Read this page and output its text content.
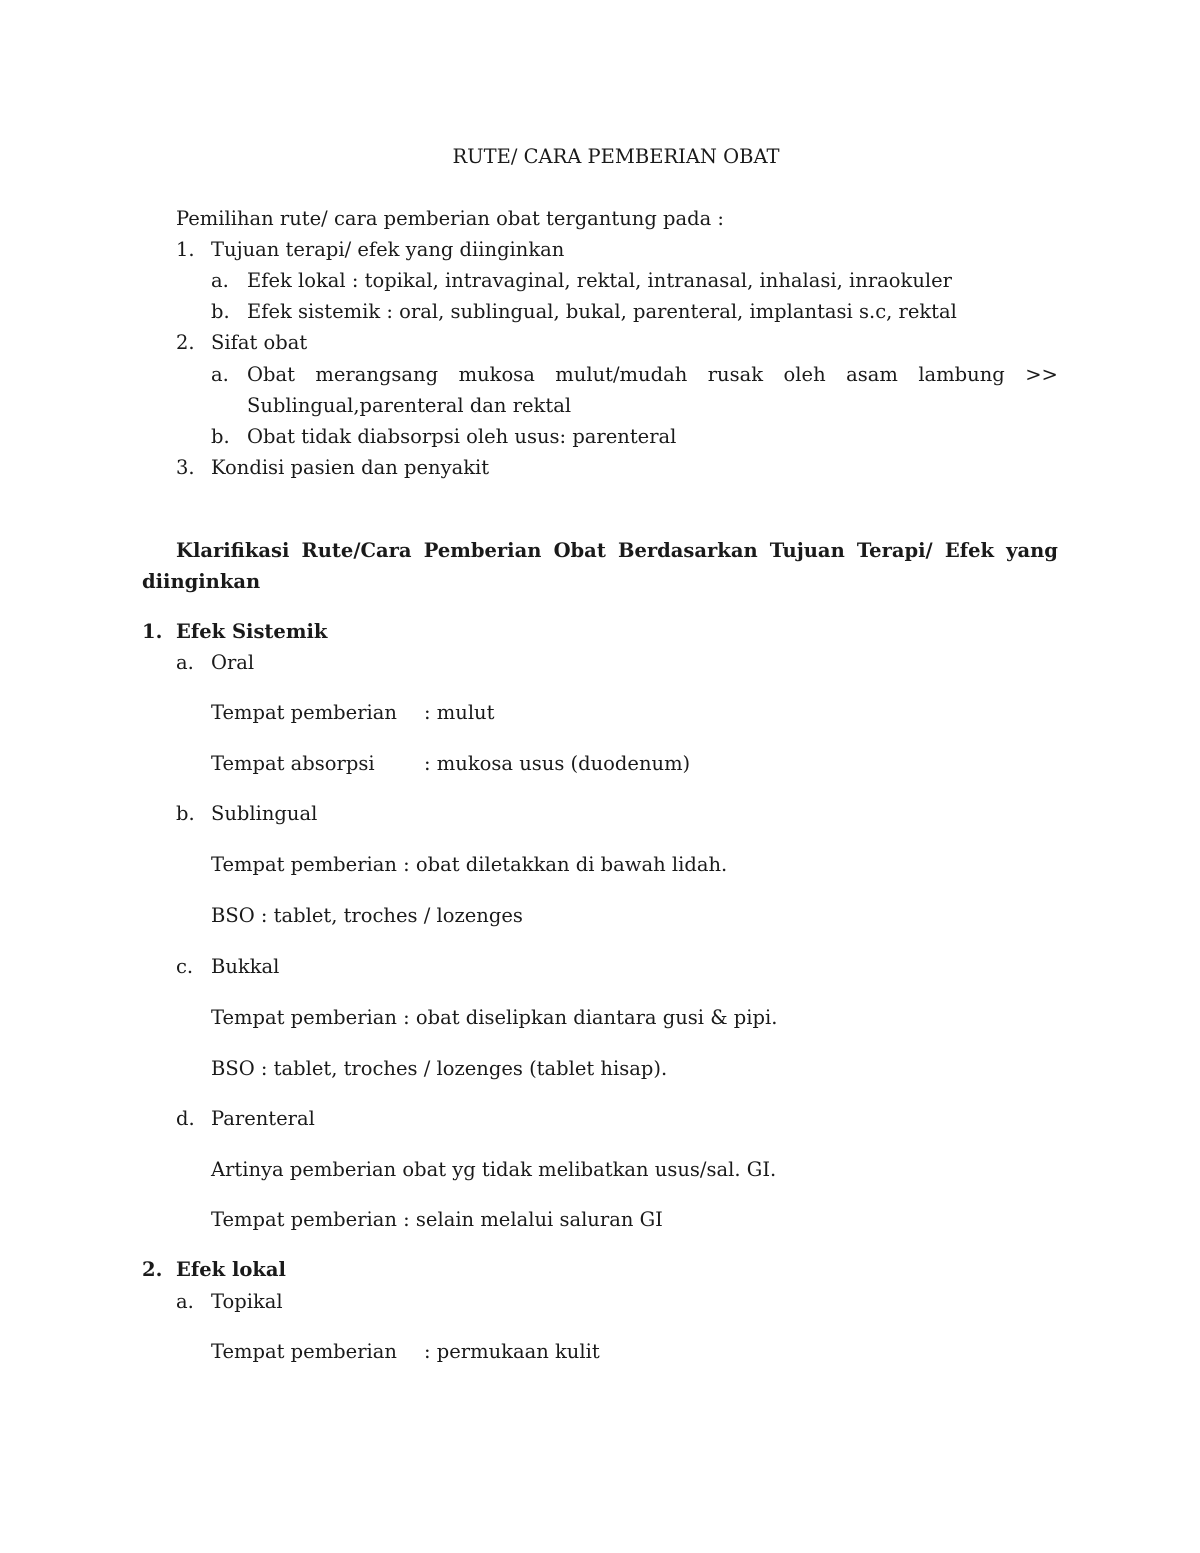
RUTE/ CARA PEMBERIAN OBAT

Pemilihan rute/ cara pemberian obat tergantung pada :

1. Tujuan terapi/ efek yang diinginkan

a. Efek lokal : topikal, intravaginal, rektal, intranasal, inhalasi, inraokuler

b. Efek sistemik : oral, sublingual, bukal, parenteral, implantasi s.c, rektal

2. Sifat obat

a. Obat merangsang mukosa mulut/mudah rusak oleh asam lambung >>

Sublingual,parenteral dan rektal

b. Obat tidak diabsorpsi oleh usus: parenteral

3. Kondisi pasien dan penyakit

Klarifikasi Rute/Cara Pemberian Obat Berdasarkan Tujuan Terapi/ Efek yang

diinginkan

1. Efek Sistemik

a. Oral

Tempat pemberian : mulut

Tempat absorpsi	: mukosa usus (duodenum)

b. Sublingual

Tempat pemberian : obat diletakkan di bawah lidah.

BSO : tablet, troches / lozenges

c. Bukkal

Tempat pemberian : obat diselipkan diantara gusi & pipi.

BSO : tablet, troches / lozenges (tablet hisap).

d. Parenteral

Artinya pemberian obat yg tidak melibatkan usus/sal. GI.

Tempat pemberian : selain melalui saluran GI

2. Efek lokal

a. Topikal

Tempat pemberian : permukaan kulit
